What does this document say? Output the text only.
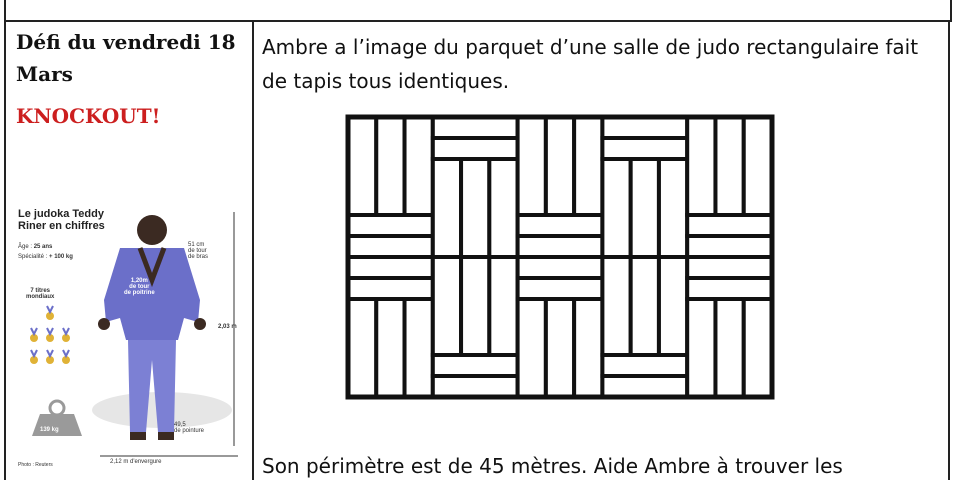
Défi du vendredi 18 Mars
KNOCKOUT!
Le judoka Teddy
Riner en chiffres
Âge : 25 ans
Spécialité : + 100 kg
7 titres
mondiaux
1,20m
de tour
de poitrine
51 cm
de tour
de bras
2,03 m
139 kg
49,5
de pointure
2,12 m d'envergure
Photo : Reuters
Ambre a l’image du parquet d’une salle de judo rectangulaire fait de tapis tous identiques.
Son périmètre est de 45 mètres. Aide Ambre à trouver les
